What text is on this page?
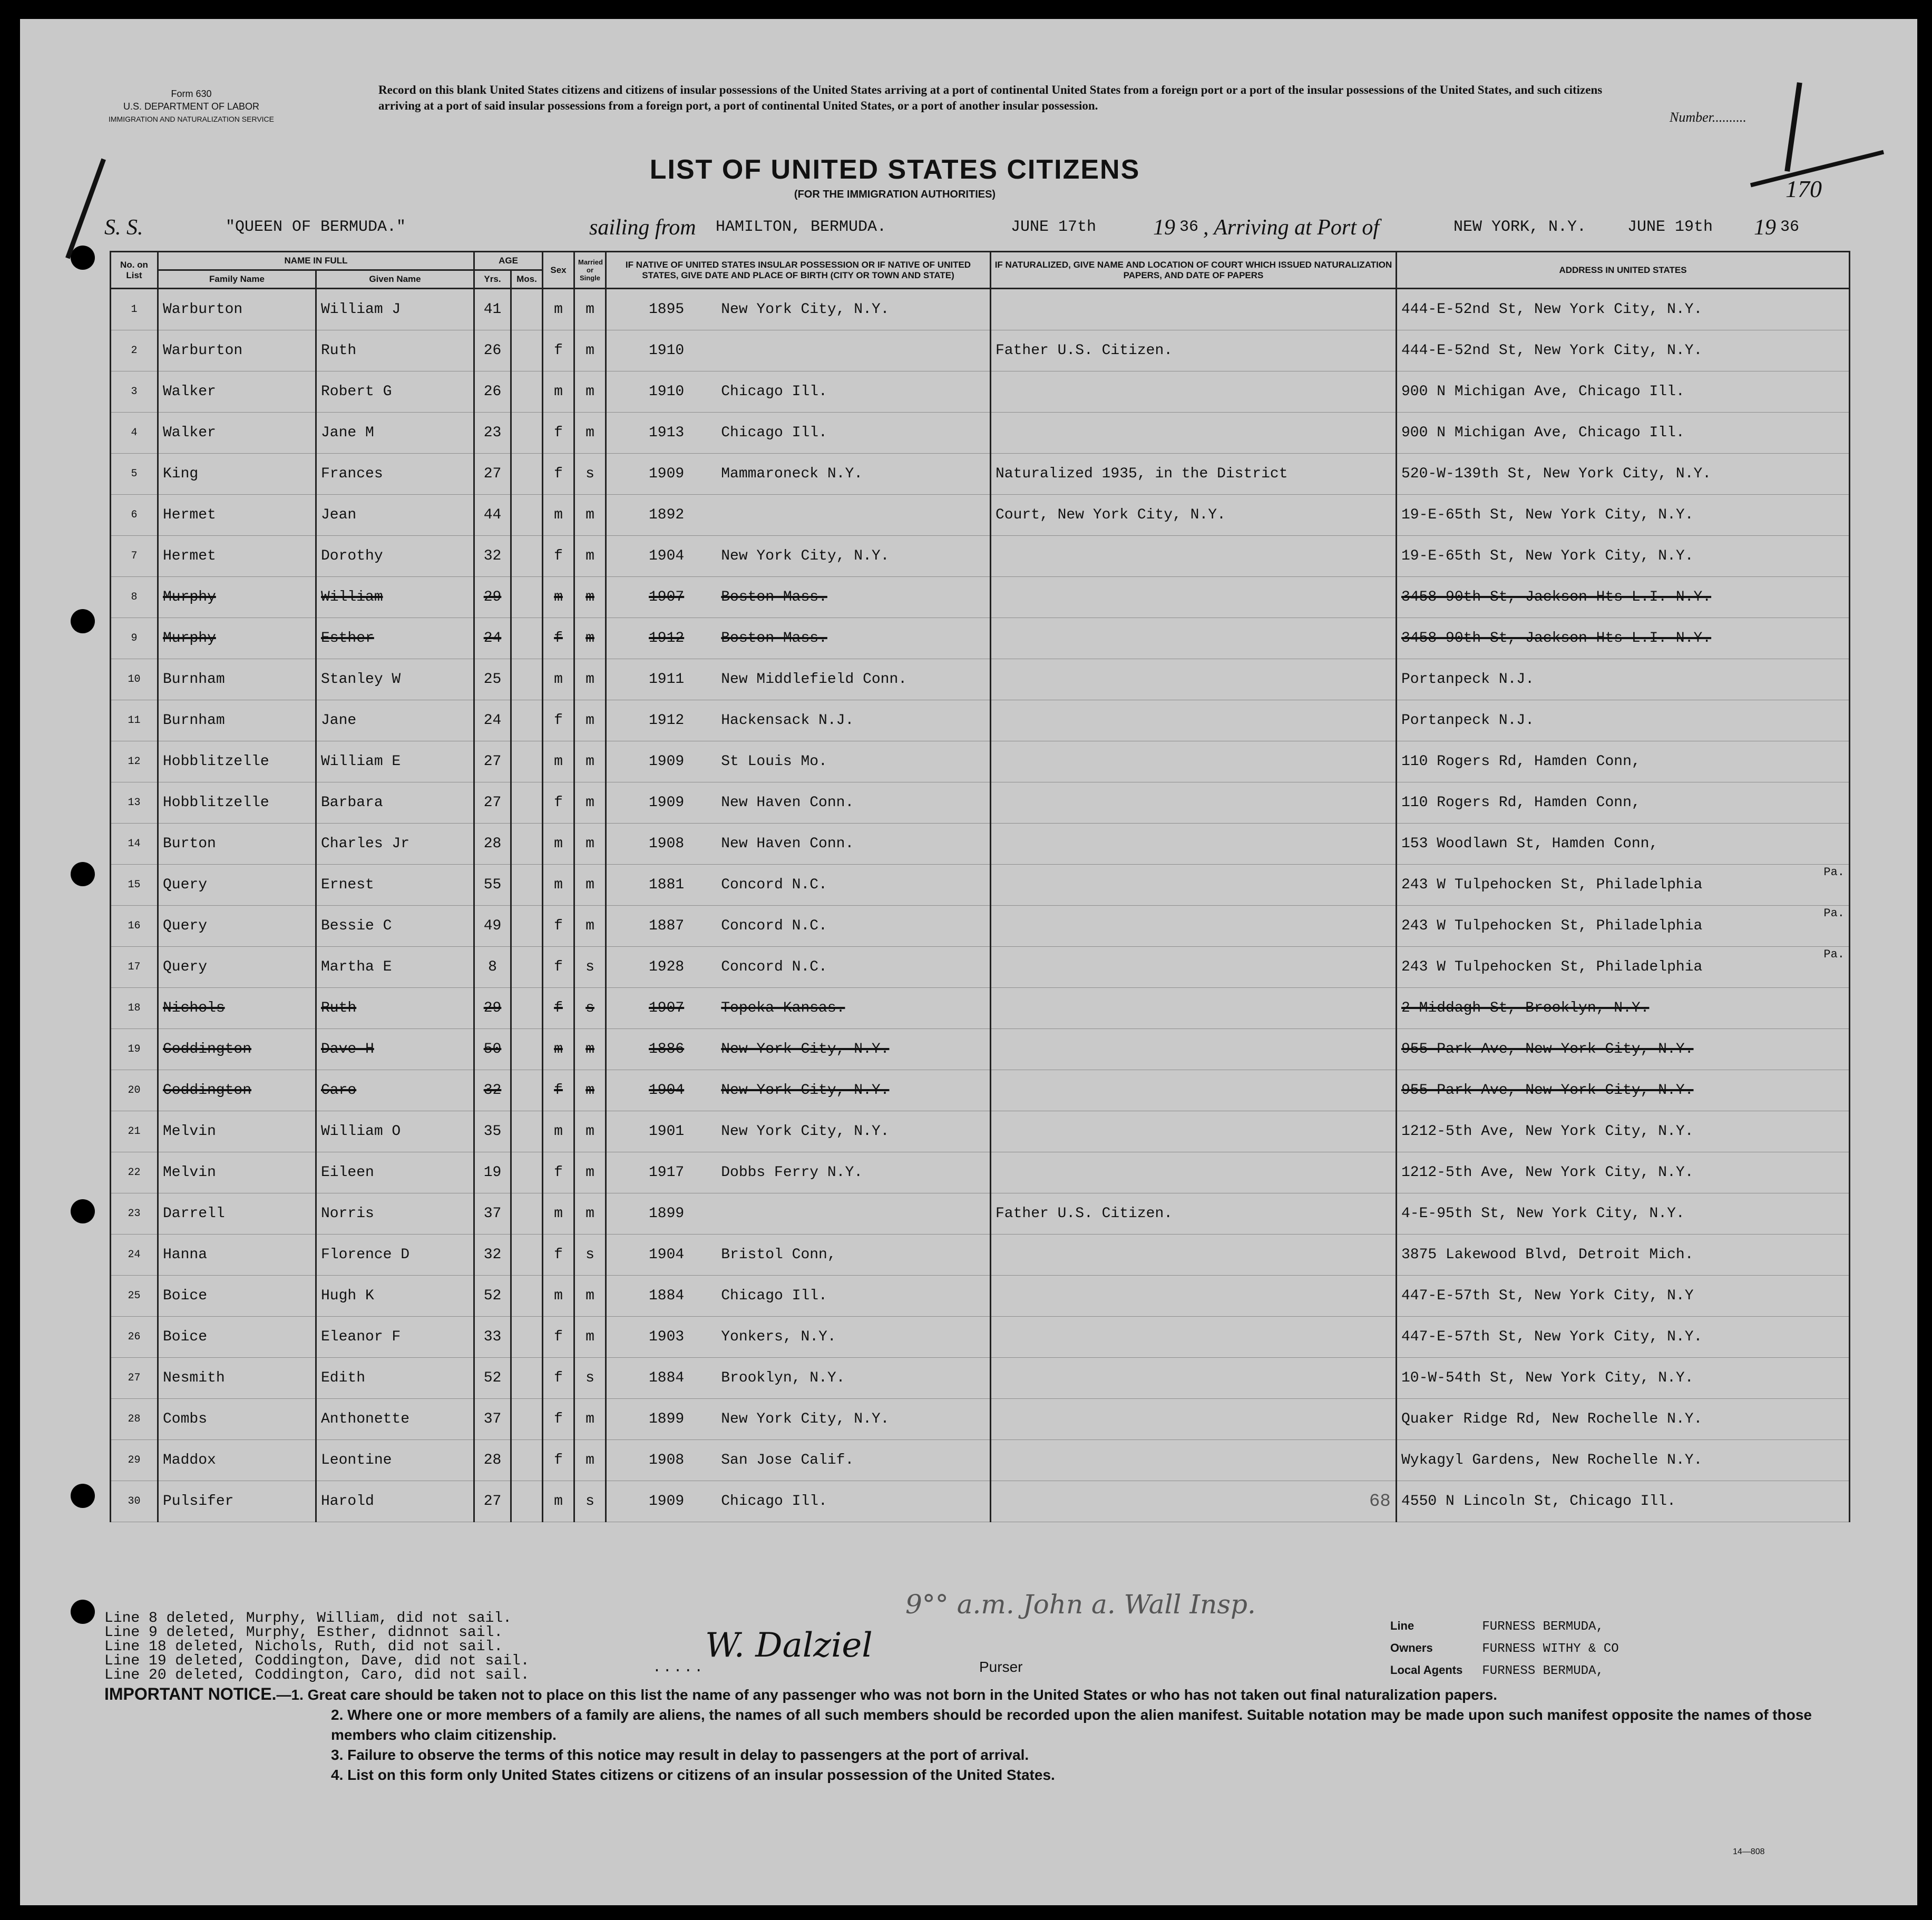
Form 630
U.S. DEPARTMENT OF LABOR
IMMIGRATION AND NATURALIZATION SERVICE
Record on this blank United States citizens and citizens of insular possessions of the United States arriving at a port of continental United States from a foreign port or a port of the insular possessions of the United States, and such citizens arriving at a port of said insular possessions from a foreign port, a port of continental United States, or a port of another insular possession.
Number..........
170
LIST OF UNITED STATES CITIZENS
(FOR THE IMMIGRATION AUTHORITIES)
S. S.	"QUEEN OF BERMUDA."	sailing from HAMILTON, BERMUDA.	JUNE 17th	19 36 , Arriving at Port of	NEW YORK, N.Y.	JUNE 19th 19 36
No. on List	NAME IN FULL		AGE		Sex	Married or Single	IF NATIVE OF UNITED STATES INSULAR POSSESSION OR IF NATIVE OF UNITED STATES, GIVE DATE AND PLACE OF BIRTH (CITY OR TOWN AND STATE)	IF NATURALIZED, GIVE NAME AND LOCATION OF COURT WHICH ISSUED NATURALIZATION PAPERS, AND DATE OF PAPERS	ADDRESS IN UNITED STATES
	Family Name	Given Name	Yrs.	Mos.					
1	Warburton	William J	41		m	m	1895 New York City, N.Y.		444-E-52nd St, New York City, N.Y.
2	Warburton	Ruth	26		f	m	1910	Father U.S. Citizen.	444-E-52nd St, New York City, N.Y.
3	Walker	Robert G	26		m	m	1910 Chicago Ill.		900 N Michigan Ave, Chicago Ill.
4	Walker	Jane M	23		f	m	1913 Chicago Ill.		900 N Michigan Ave, Chicago Ill.
5	King	Frances	27		f	s	1909 Mammaroneck N.Y.	Naturalized 1935, in the District	520-W-139th St, New York City, N.Y.
6	Hermet	Jean	44		m	m	1892	Court, New York City, N.Y.	19-E-65th St, New York City, N.Y.
7	Hermet	Dorothy	32		f	m	1904 New York City, N.Y.		19-E-65th St, New York City, N.Y.
8	Murphy	William	29		m	m	1907 Boston Mass.		3458-90th St, Jackson Hts L.I. N.Y.
9	Murphy	Esther	24		f	m	1912 Boston Mass.		3458-90th St, Jackson Hts L.I. N.Y.
10	Burnham	Stanley W	25		m	m	1911 New Middlefield Conn.		Portanpeck N.J.
11	Burnham	Jane	24		f	m	1912 Hackensack N.J.		Portanpeck N.J.
12	Hobblitzelle	William E	27		m	m	1909 St Louis Mo.		110 Rogers Rd, Hamden Conn,
13	Hobblitzelle	Barbara	27		f	m	1909 New Haven Conn.		110 Rogers Rd, Hamden Conn,
14	Burton	Charles Jr	28		m	m	1908 New Haven Conn.		153 Woodlawn St, Hamden Conn,
15	Query	Ernest	55		m	m	1881 Concord N.C.		243 W Tulpehocken St, Philadelphia
Pa.

16	Query	Bessie C	49		f	m	1887 Concord N.C.		243 W Tulpehocken St, Philadelphia
Pa.

17	Query	Martha E	8		f	s	1928 Concord N.C.		243 W Tulpehocken St, Philadelphia
Pa.

18	Nichols	Ruth	29		f	s	1907 Topeka Kansas.		2 Middagh St, Brooklyn, N.Y.
19	Coddington	Dave H	50		m	m	1886 New York City, N.Y.		955 Park Ave, New York City, N.Y.
20	Coddington	Caro	32		f	m	1904 New York City, N.Y.		955 Park Ave, New York City, N.Y.
21	Melvin	William O	35		m	m	1901 New York City, N.Y.		1212-5th Ave, New York City, N.Y.
22	Melvin	Eileen	19		f	m	1917 Dobbs Ferry N.Y.		1212-5th Ave, New York City, N.Y.
23	Darrell	Norris	37		m	m	1899	Father U.S. Citizen.	4-E-95th St, New York City, N.Y.
24	Hanna	Florence D	32		f	s	1904 Bristol Conn,		3875 Lakewood Blvd, Detroit Mich.
25	Boice	Hugh K	52		m	m	1884 Chicago Ill.		447-E-57th St, New York City, N.Y
26	Boice	Eleanor F	33		f	m	1903 Yonkers, N.Y.		447-E-57th St, New York City, N.Y.
27	Nesmith	Edith	52		f	s	1884 Brooklyn, N.Y.		10-W-54th St, New York City, N.Y.
28	Combs	Anthonette	37		f	m	1899 New York City, N.Y.		Quaker Ridge Rd, New Rochelle N.Y.
29	Maddox	Leontine	28		f	m	1908 San Jose Calif.		Wykagyl Gardens, New Rochelle N.Y.
30	Pulsifer	Harold	27		m	s	1909 Chicago Ill.		4550 N Lincoln St, Chicago Ill.
9°° a.m. John a. Wall Insp.
68
Line 8 deleted, Murphy, William, did not sail.
Line 9 deleted, Murphy, Esther, didnnot sail.
Line 18 deleted, Nichols, Ruth, did not sail.
Line 19 deleted, Coddington, Dave, did not sail.
Line 20 deleted, Coddington, Caro, did not sail.
W. Dalziel
.....	Purser
Line	FURNESS BERMUDA,
Owners	FURNESS WITHY & CO
Local Agents FURNESS BERMUDA,
IMPORTANT NOTICE.—1. Great care should be taken not to place on this list the name of any passenger who was not born in the United States or who has not taken out final naturalization papers.
2. Where one or more members of a family are aliens, the names of all such members should be recorded upon the alien manifest. Suitable notation may be made upon such manifest opposite the names of those members who claim citizenship.
3. Failure to observe the terms of this notice may result in delay to passengers at the port of arrival.
4. List on this form only United States citizens or citizens of an insular possession of the United States.
14—808
